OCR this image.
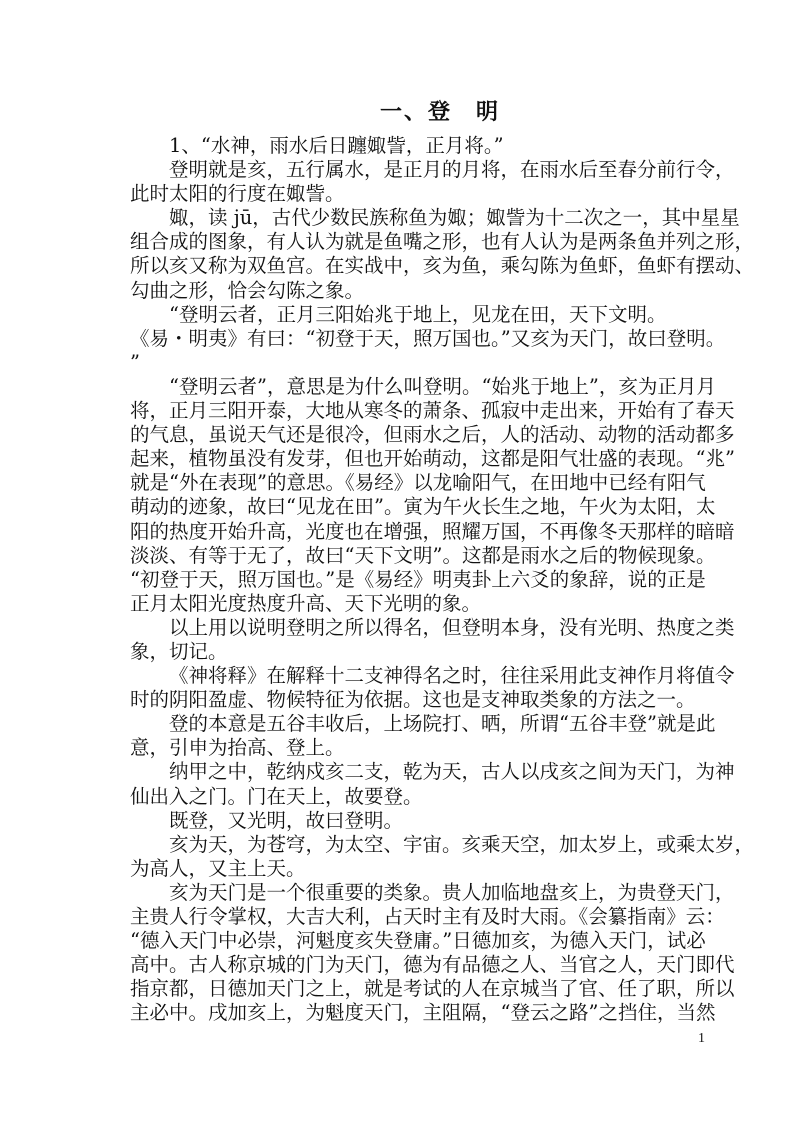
一、登　明
1、“水神，雨水后日躔娵訾，正月将。”
登明就是亥，五行属水，是正月的月将，在雨水后至春分前行令，
此时太阳的行度在娵訾。
娵，读 jū，古代少数民族称鱼为娵；娵訾为十二次之一，其中星星
组合成的图象，有人认为就是鱼嘴之形，也有人认为是两条鱼并列之形，
所以亥又称为双鱼宫。在实战中，亥为鱼，乘勾陈为鱼虾，鱼虾有摆动、
勾曲之形，恰会勾陈之象。
“登明云者，正月三阳始兆于地上，见龙在田，天下文明。
《易・明夷》有曰：“初登于天，照万国也。”又亥为天门，故曰登明。
”
“登明云者”，意思是为什么叫登明。“始兆于地上”，亥为正月月
将，正月三阳开泰，大地从寒冬的萧条、孤寂中走出来，开始有了春天
的气息，虽说天气还是很冷，但雨水之后，人的活动、动物的活动都多
起来，植物虽没有发芽，但也开始萌动，这都是阳气壮盛的表现。“兆”
就是“外在表现”的意思。《易经》以龙喻阳气，在田地中已经有阳气
萌动的迹象，故曰“见龙在田”。寅为午火长生之地，午火为太阳，太
阳的热度开始升高，光度也在增强，照耀万国，不再像冬天那样的暗暗
淡淡、有等于无了，故曰“天下文明”。这都是雨水之后的物候现象。
“初登于天，照万国也。”是《易经》明夷卦上六爻的象辞，说的正是
正月太阳光度热度升高、天下光明的象。
以上用以说明登明之所以得名，但登明本身，没有光明、热度之类
象，切记。
《神将释》在解释十二支神得名之时，往往采用此支神作月将值令
时的阴阳盈虚、物候特征为依据。这也是支神取类象的方法之一。
登的本意是五谷丰收后，上场院打、晒，所谓“五谷丰登”就是此
意，引申为抬高、登上。
纳甲之中，乾纳戍亥二支，乾为天，古人以戌亥之间为天门，为神
仙出入之门。门在天上，故要登。
既登，又光明，故曰登明。
亥为天，为苍穹，为太空、宇宙。亥乘天空，加太岁上，或乘太岁，
为高人，又主上天。
亥为天门是一个很重要的类象。贵人加临地盘亥上，为贵登天门，
主贵人行令掌权，大吉大利，占天时主有及时大雨。《会纂指南》云：
“德入天门中必崇，河魁度亥失登庸。”日德加亥，为德入天门，试必
高中。古人称京城的门为天门，德为有品德之人、当官之人，天门即代
指京都，日德加天门之上，就是考试的人在京城当了官、任了职，所以
主必中。戌加亥上，为魁度天门，主阻隔，“登云之路”之挡住，当然
1
